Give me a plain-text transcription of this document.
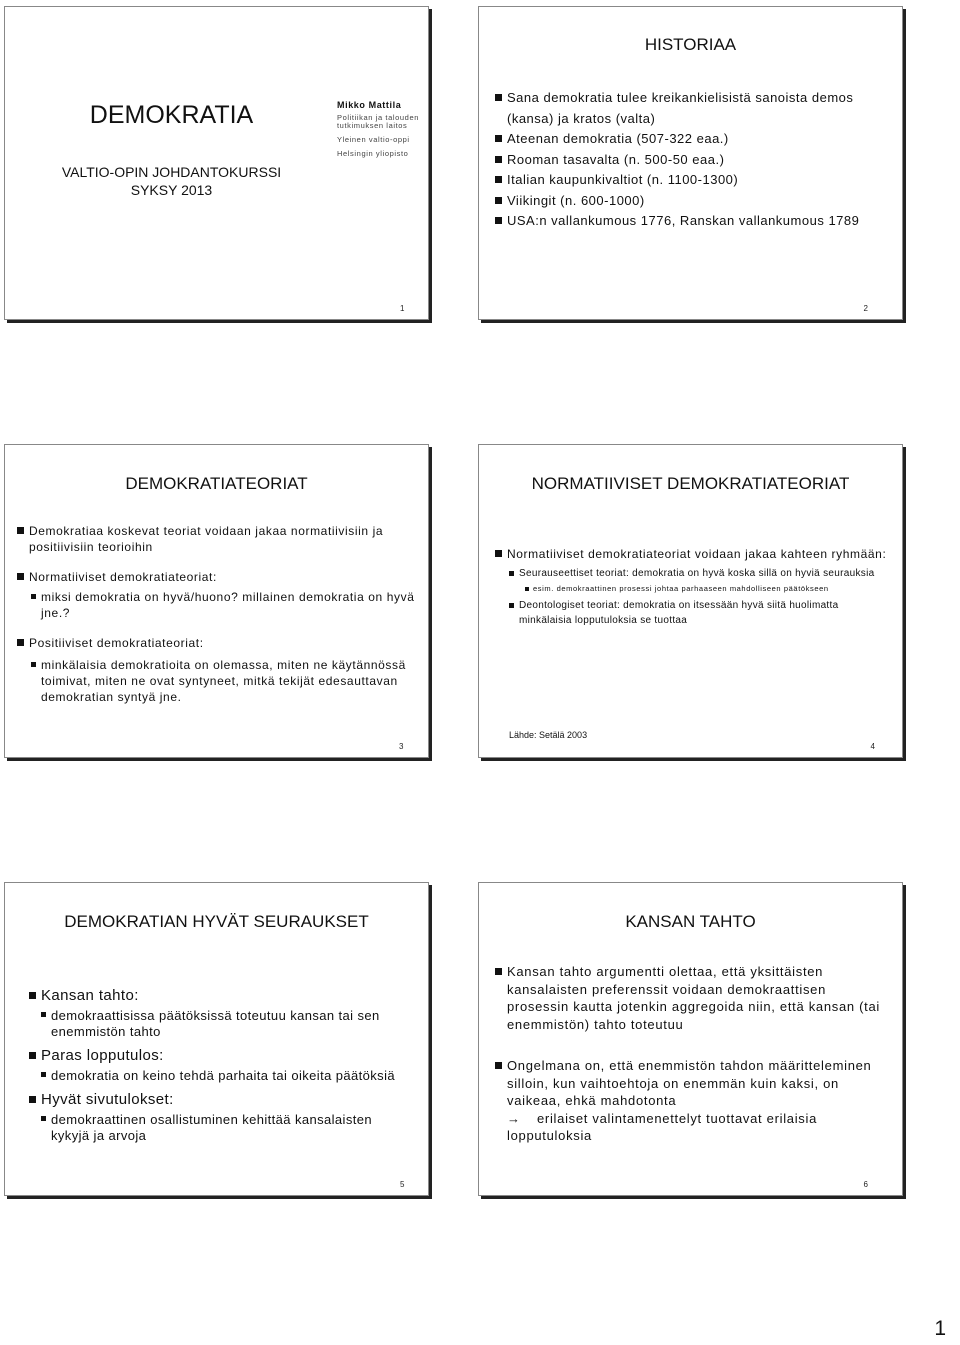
DEMOKRATIA
VALTIO-OPIN JOHDANTOKURSSI
SYKSY 2013
Mikko Mattila
Politiikan ja talouden tutkimuksen laitos
Yleinen valtio-oppi
Helsingin yliopisto
1
HISTORIAA
Sana demokratia tulee kreikankielisistä sanoista demos (kansa) ja kratos (valta)
Ateenan demokratia (507-322 eaa.)
Rooman tasavalta (n. 500-50 eaa.)
Italian kaupunkivaltiot (n. 1100-1300)
Viikingit (n. 600-1000)
USA:n vallankumous 1776, Ranskan vallankumous 1789
2
DEMOKRATIATEORIAT
Demokratiaa koskevat teoriat voidaan jakaa normatiivisiin ja positiivisiin teorioihin
Normatiiviset demokratiateoriat:
miksi demokratia on hyvä/huono? millainen demokratia on hyvä jne.?
Positiiviset demokratiateoriat:
minkälaisia demokratioita on olemassa, miten ne käytännössä toimivat, miten ne ovat syntyneet, mitkä tekijät edesauttavan demokratian syntyä jne.
3
NORMATIIVISET DEMOKRATIATEORIAT
Normatiiviset demokratiateoriat voidaan jakaa kahteen ryhmään:
Seurauseettiset teoriat: demokratia on hyvä koska sillä on hyviä seurauksia
esim. demokraattinen prosessi johtaa parhaaseen mahdolliseen päätökseen
Deontologiset teoriat: demokratia on itsessään hyvä siitä huolimatta minkälaisia lopputuloksia se tuottaa
Lähde: Setälä 2003
4
DEMOKRATIAN HYVÄT SEURAUKSET
Kansan tahto:
demokraattisissa päätöksissä toteutuu kansan tai sen enemmistön tahto
Paras lopputulos:
demokratia on keino tehdä parhaita tai oikeita päätöksiä
Hyvät sivutulokset:
demokraattinen osallistuminen kehittää kansalaisten kykyjä ja arvoja
5
KANSAN TAHTO
Kansan tahto argumentti olettaa, että yksittäisten kansalaisten preferenssit voidaan demokraattisen prosessin kautta jotenkin aggregoida niin, että kansan (tai enemmistön) tahto toteutuu
Ongelmana on, että enemmistön tahdon määritteleminen silloin, kun vaihtoehtoja on enemmän kuin kaksi, on vaikeaa, ehkä mahdotonta
→ erilaiset valintamenettelyt tuottavat erilaisia lopputuloksia
6
1
